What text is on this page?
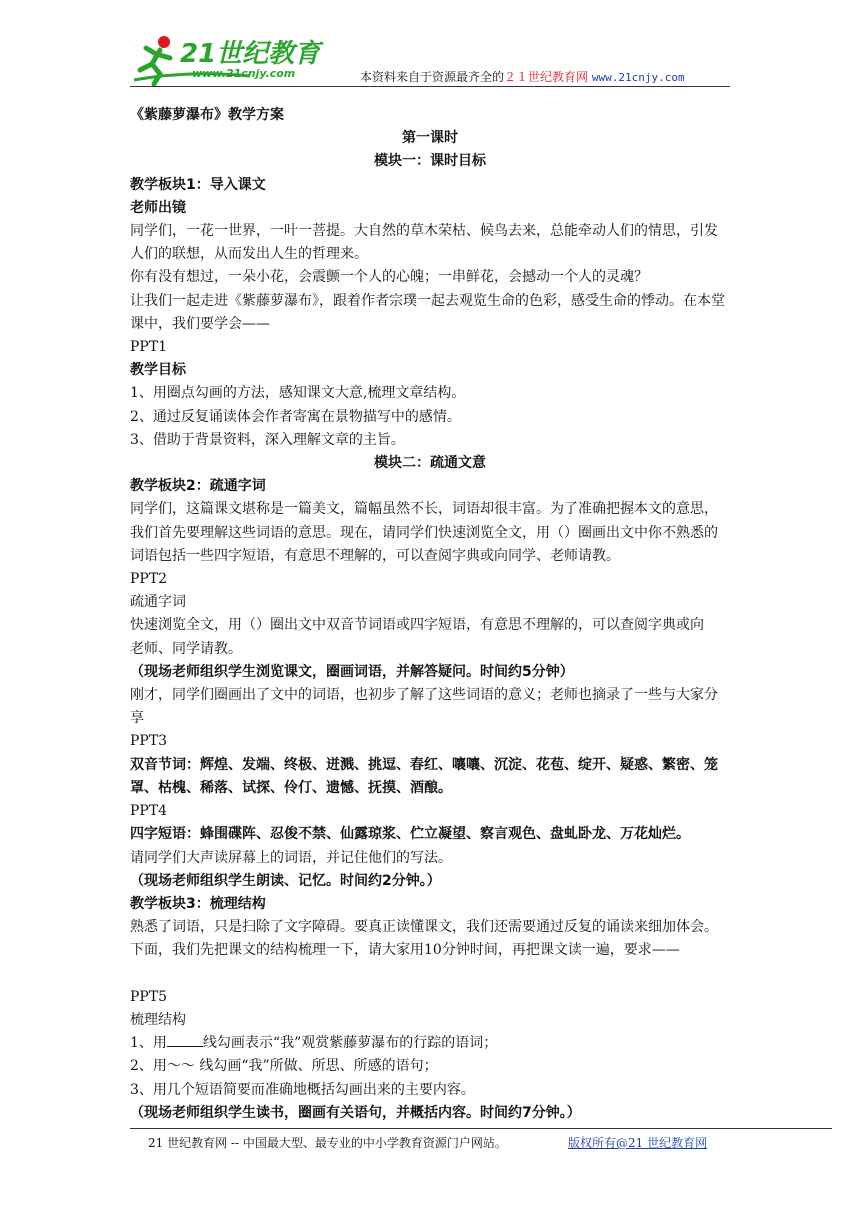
21世纪教育
www.21cnjy.com	本资料来自于资源最齐全的２１世纪教育网 www.21cnjy.com

《紫藤萝瀑布》教学方案

第一课时

模块一：课时目标

教学板块1：导入课文

老师出镜

同学们，一花一世界，一叶一菩提。大自然的草木荣枯、候鸟去来，总能牵动人们的情思，引发人们的联想，从而发出人生的哲理来。

你有没有想过，一朵小花，会震颤一个人的心魄；一串鲜花，会撼动一个人的灵魂？

让我们一起走进《紫藤萝瀑布》，跟着作者宗璞一起去观览生命的色彩，感受生命的悸动。在本堂课中，我们要学会——

PPT1

教学目标

1、用圈点勾画的方法，感知课文大意,梳理文章结构。

2、通过反复诵读体会作者寄寓在景物描写中的感情。

3、借助于背景资料，深入理解文章的主旨。

模块二：疏通文意

教学板块2：疏通字词

同学们，这篇课文堪称是一篇美文，篇幅虽然不长，词语却很丰富。为了准确把握本文的意思，我们首先要理解这些词语的意思。现在，请同学们快速浏览全文，用（）圈画出文中你不熟悉的词语包括一些四字短语，有意思不理解的，可以查阅字典或向同学、老师请教。

PPT2

疏通字词

快速浏览全文，用（）圈出文中双音节词语或四字短语，有意思不理解的，可以查阅字典或向　老师、同学请教。

（现场老师组织学生浏览课文，圈画词语，并解答疑问。时间约5分钟）

刚才，同学们圈画出了文中的词语，也初步了解了这些词语的意义；老师也摘录了一些与大家分享

PPT3

双音节词：辉煌、发端、终极、迸溅、挑逗、春红、嚷嚷、沉淀、花苞、绽开、疑惑、繁密、笼罩、枯槐、稀落、试探、伶仃、遗憾、抚摸、酒酿。

PPT4

四字短语：蜂围碟阵、忍俊不禁、仙露琼浆、伫立凝望、察言观色、盘虬卧龙、万花灿烂。

请同学们大声读屏幕上的词语，并记住他们的写法。

（现场老师组织学生朗读、记忆。时间约2分钟。）

教学板块3：梳理结构

熟悉了词语，只是扫除了文字障碍。要真正读懂课文，我们还需要通过反复的诵读来细加体会。下面，我们先把课文的结构梳理一下，请大家用10分钟时间，再把课文读一遍，要求——

PPT5

梳理结构

1、用	线勾画表示“我”观赏紫藤萝瀑布的行踪的语词；

2、用～～ 线勾画“我”所做、所思、所感的语句；

3、用几个短语简要而准确地概括勾画出来的主要内容。

（现场老师组织学生读书，圈画有关语句，并概括内容。时间约7分钟。）

21 世纪教育网 -- 中国最大型、最专业的中小学教育资源门户网站。	版权所有@21 世纪教育网
